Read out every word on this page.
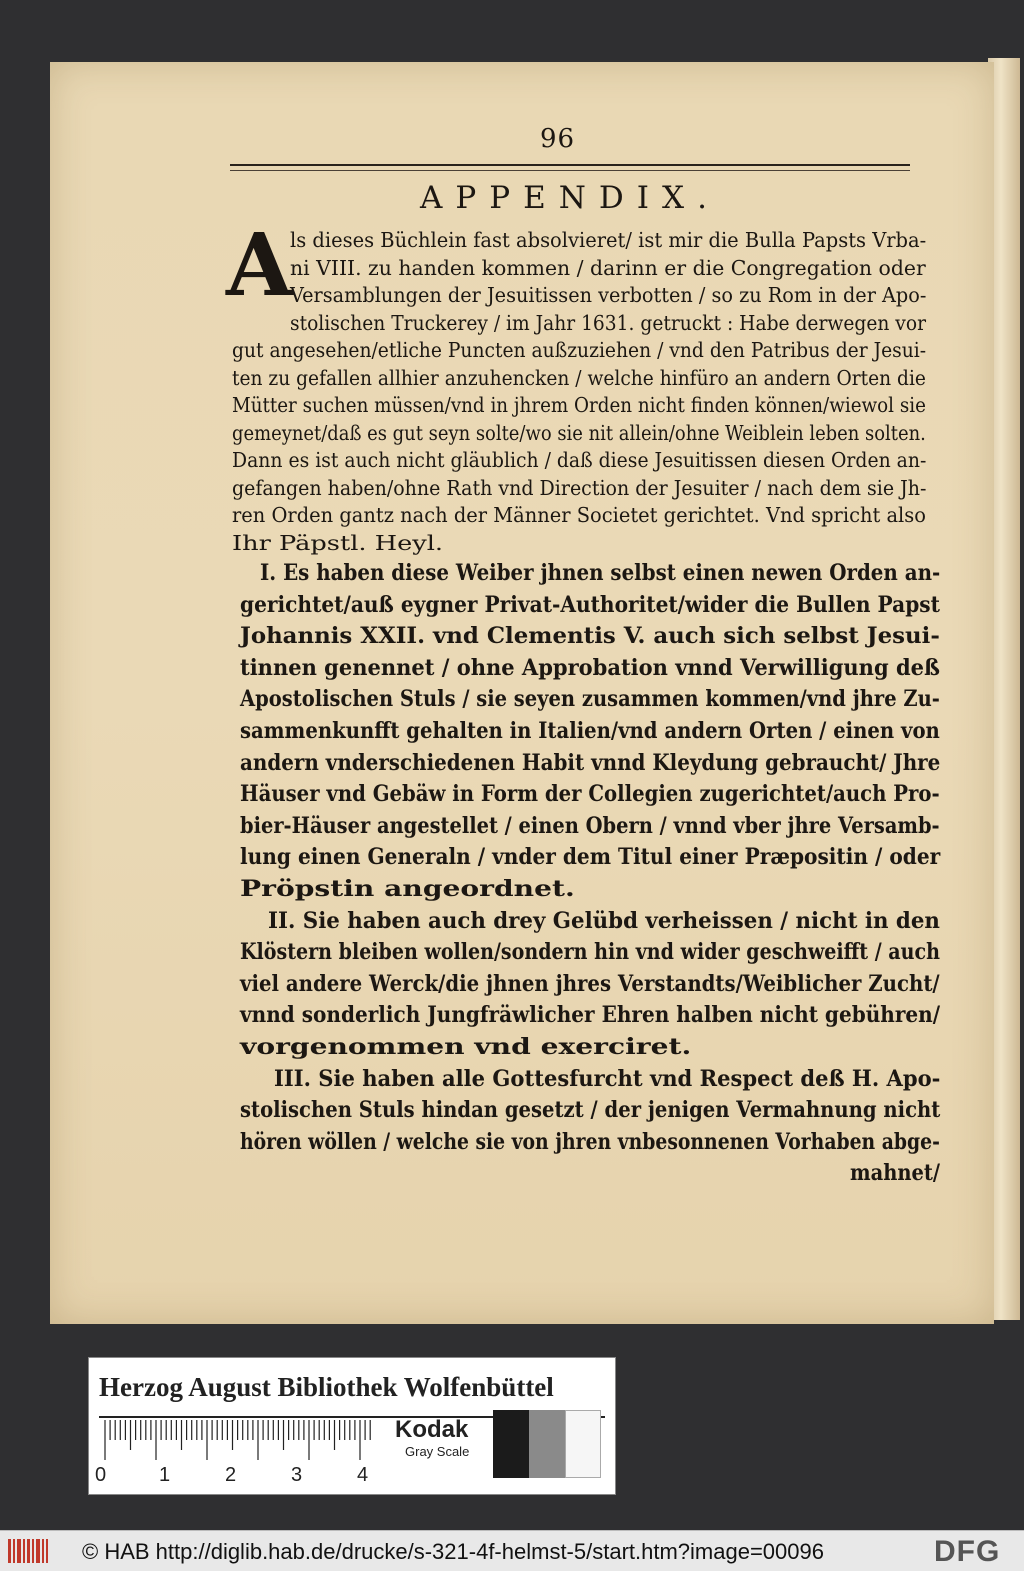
96
APPENDIX.
A
ls dieses Büchlein fast absolvieret/ ist mir die Bulla Papsts Vrba-
ni VIII. zu handen kommen / darinn er die Congregation oder
Versamblungen der Jesuitissen verbotten / so zu Rom in der Apo-
stolischen Truckerey / im Jahr 1631. getruckt : Habe derwegen vor
gut angesehen/etliche Puncten außzuziehen / vnd den Patribus der Jesui-
ten zu gefallen allhier anzuhencken / welche hinfüro an andern Orten die
Mütter suchen müssen/vnd in jhrem Orden nicht finden können/wiewol sie
gemeynet/daß es gut seyn solte/wo sie nit allein/ohne Weiblein leben solten.
Dann es ist auch nicht gläublich / daß diese Jesuitissen diesen Orden an-
gefangen haben/ohne Rath vnd Direction der Jesuiter / nach dem sie Jh-
ren Orden gantz nach der Männer Societet gerichtet. Vnd spricht also
Ihr Päpstl. Heyl.
I. Es haben diese Weiber jhnen selbst einen newen Orden an-
gerichtet/auß eygner Privat-Authoritet/wider die Bullen Papst
Johannis XXII. vnd Clementis V. auch sich selbst Jesui-
tinnen genennet / ohne Approbation vnnd Verwilligung deß
Apostolischen Stuls / sie seyen zusammen kommen/vnd jhre Zu-
sammenkunfft gehalten in Italien/vnd andern Orten / einen von
andern vnderschiedenen Habit vnnd Kleydung gebraucht/ Jhre
Häuser vnd Gebäw in Form der Collegien zugerichtet/auch Pro-
bier-Häuser angestellet / einen Obern / vnnd vber jhre Versamb-
lung einen Generaln / vnder dem Titul einer Præpositin / oder
Pröpstin angeordnet.
II. Sie haben auch drey Gelübd verheissen / nicht in den
Klöstern bleiben wollen/sondern hin vnd wider geschweifft / auch
viel andere Werck/die jhnen jhres Verstandts/Weiblicher Zucht/
vnnd sonderlich Jungfräwlicher Ehren halben nicht gebühren/
vorgenommen vnd exerciret.
III. Sie haben alle Gottesfurcht vnd Respect deß H. Apo-
stolischen Stuls hindan gesetzt / der jenigen Vermahnung nicht
hören wöllen / welche sie von jhren vnbesonnenen Vorhaben abge-
mahnet/
Herzog August Bibliothek Wolfenbüttel
0	1	2	3	4
Kodak
Gray Scale
© HAB http://diglib.hab.de/drucke/s-321-4f-helmst-5/start.htm?image=00096	DFG
